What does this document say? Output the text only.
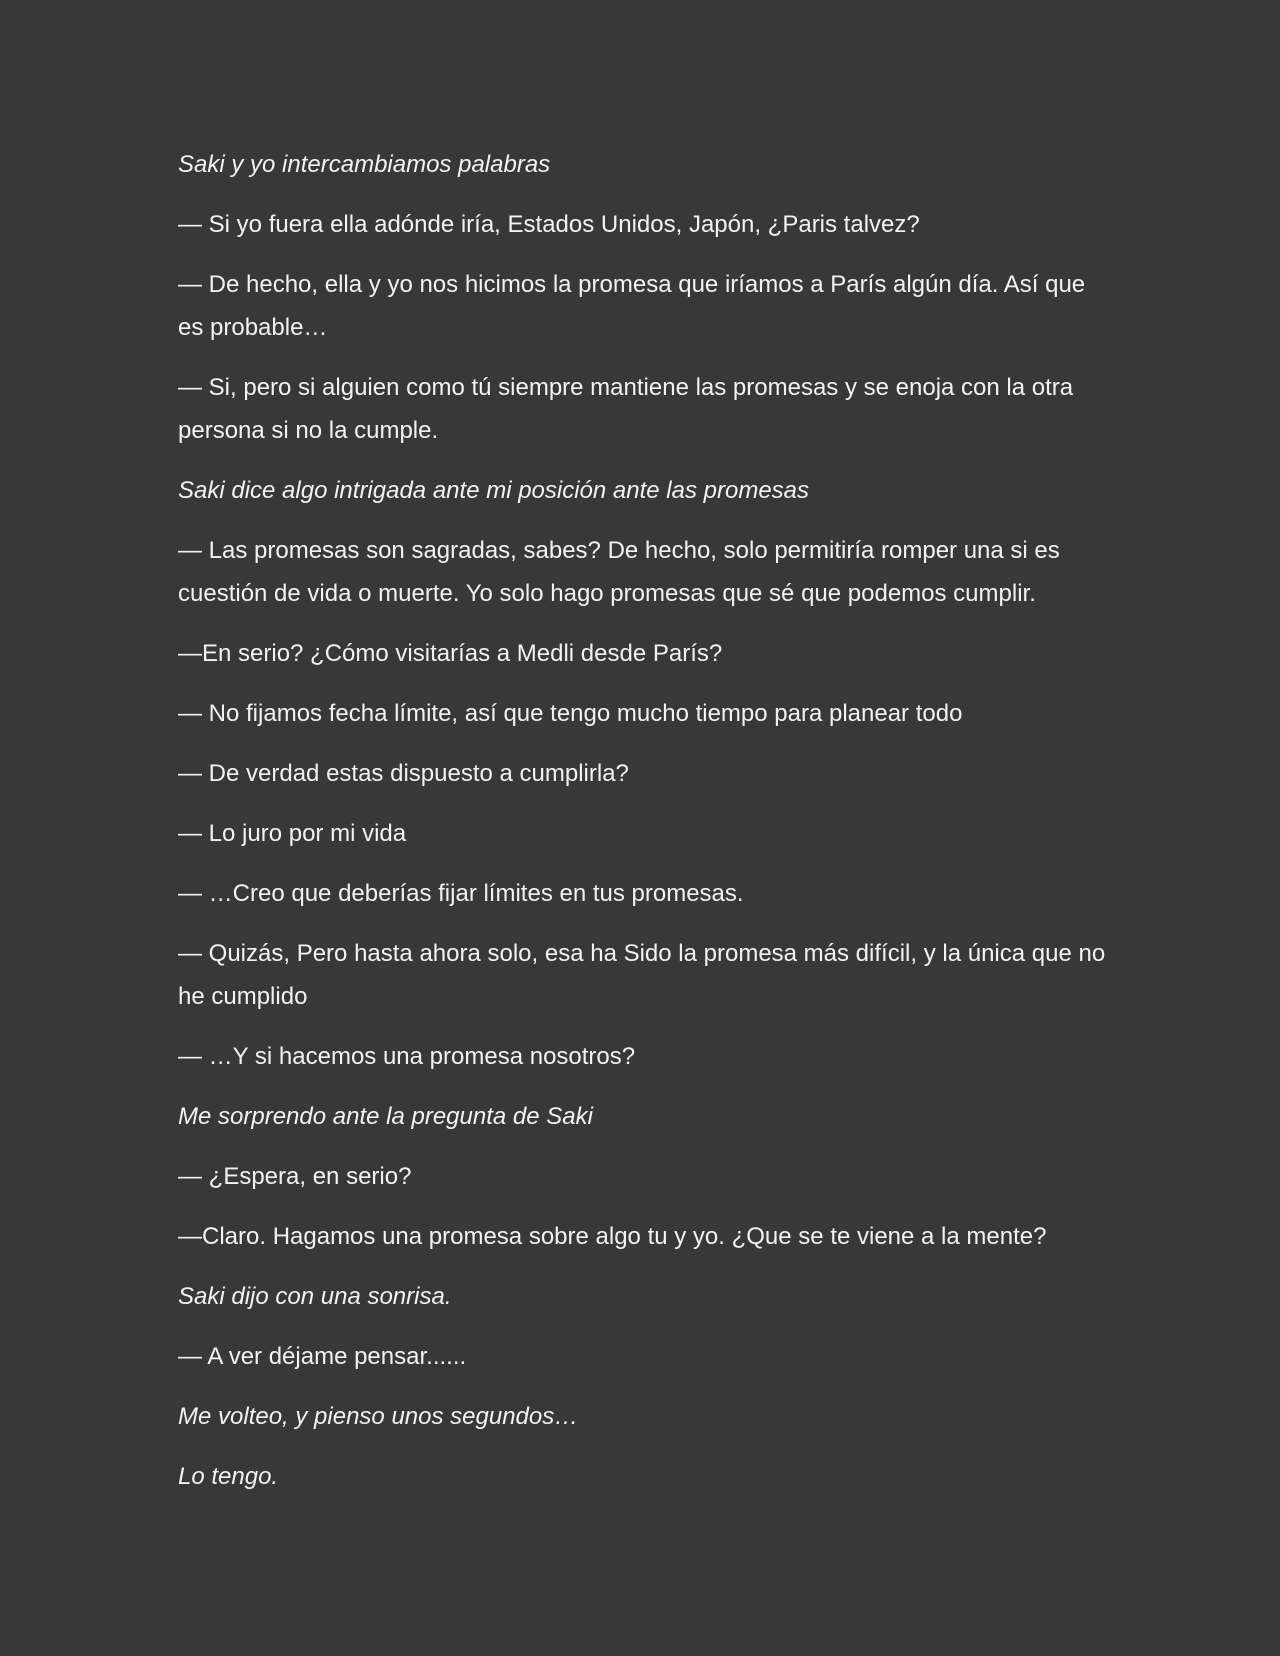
Saki y yo intercambiamos palabras

— Si yo fuera ella adónde iría, Estados Unidos, Japón, ¿Paris talvez?

— De hecho, ella y yo nos hicimos la promesa que iríamos a París algún día. Así que es probable…

— Si, pero si alguien como tú siempre mantiene las promesas y se enoja con la otra persona si no la cumple.

Saki dice algo intrigada ante mi posición ante las promesas

— Las promesas son sagradas, sabes? De hecho, solo permitiría romper una si es cuestión de vida o muerte. Yo solo hago promesas que sé que podemos cumplir.

—En serio? ¿Cómo visitarías a Medli desde París?

— No fijamos fecha límite, así que tengo mucho tiempo para planear todo

— De verdad estas dispuesto a cumplirla?

— Lo juro por mi vida

— …Creo que deberías fijar límites en tus promesas.

— Quizás, Pero hasta ahora solo, esa ha Sido la promesa más difícil, y la única que no he cumplido

— …Y si hacemos una promesa nosotros?

Me sorprendo ante la pregunta de Saki

— ¿Espera, en serio?

—Claro. Hagamos una promesa sobre algo tu y yo. ¿Que se te viene a la mente?

Saki dijo con una sonrisa.

— A ver déjame pensar......

Me volteo, y pienso unos segundos…

Lo tengo.
